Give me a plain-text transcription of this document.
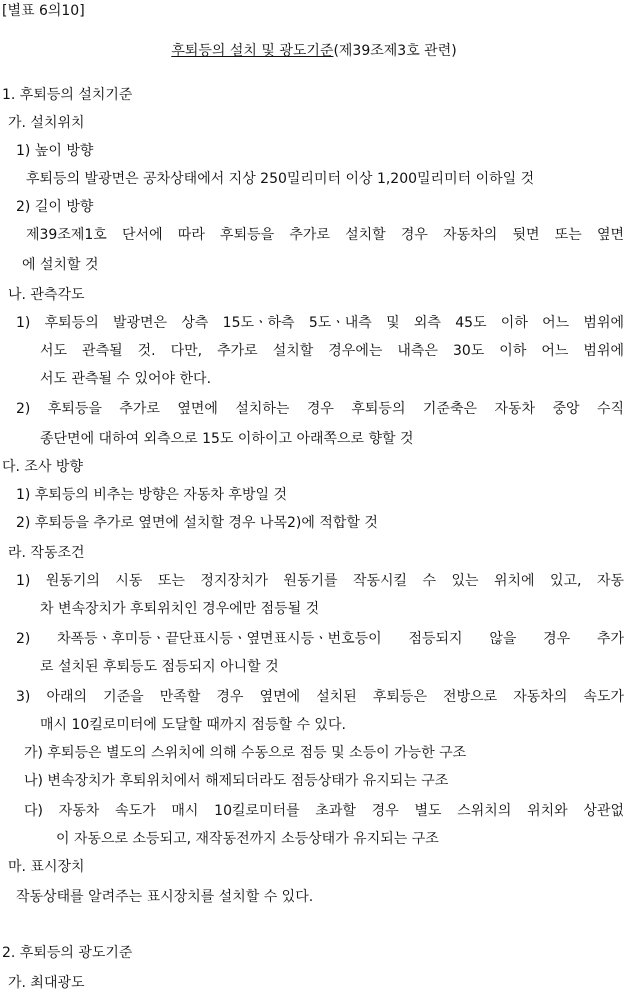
[별표 6의10]
후퇴등의 설치 및 광도기준(제39조제3호 관련)
1. 후퇴등의 설치기준
가. 설치위치
1) 높이 방향
후퇴등의 발광면은 공차상태에서 지상 250밀리미터 이상 1,200밀리미터 이하일 것
2) 길이 방향
제39조제1호 단서에 따라 후퇴등을 추가로 설치할 경우 자동차의 뒷면 또는 옆면
에 설치할 것
나. 관측각도
1) 후퇴등의 발광면은 상측 15도ㆍ하측 5도ㆍ내측 및 외측 45도 이하 어느 범위에
서도 관측될 것. 다만, 추가로 설치할 경우에는 내측은 30도 이하 어느 범위에
서도 관측될 수 있어야 한다.
2) 후퇴등을 추가로 옆면에 설치하는 경우 후퇴등의 기준축은 자동차 중앙 수직
종단면에 대하여 외측으로 15도 이하이고 아래쪽으로 향할 것
다. 조사 방향
1) 후퇴등의 비추는 방향은 자동차 후방일 것
2) 후퇴등을 추가로 옆면에 설치할 경우 나목2)에 적합할 것
라. 작동조건
1) 원동기의 시동 또는 정지장치가 원동기를 작동시킬 수 있는 위치에 있고, 자동
차 변속장치가 후퇴위치인 경우에만 점등될 것
2) 차폭등ㆍ후미등ㆍ끝단표시등ㆍ옆면표시등ㆍ번호등이 점등되지 않을 경우 추가
로 설치된 후퇴등도 점등되지 아니할 것
3) 아래의 기준을 만족할 경우 옆면에 설치된 후퇴등은 전방으로 자동차의 속도가
매시 10킬로미터에 도달할 때까지 점등할 수 있다.
가) 후퇴등은 별도의 스위치에 의해 수동으로 점등 및 소등이 가능한 구조
나) 변속장치가 후퇴위치에서 해제되더라도 점등상태가 유지되는 구조
다) 자동차 속도가 매시 10킬로미터를 초과할 경우 별도 스위치의 위치와 상관없
이 자동으로 소등되고, 재작동전까지 소등상태가 유지되는 구조
마. 표시장치
작동상태를 알려주는 표시장치를 설치할 수 있다.
2. 후퇴등의 광도기준
가. 최대광도
